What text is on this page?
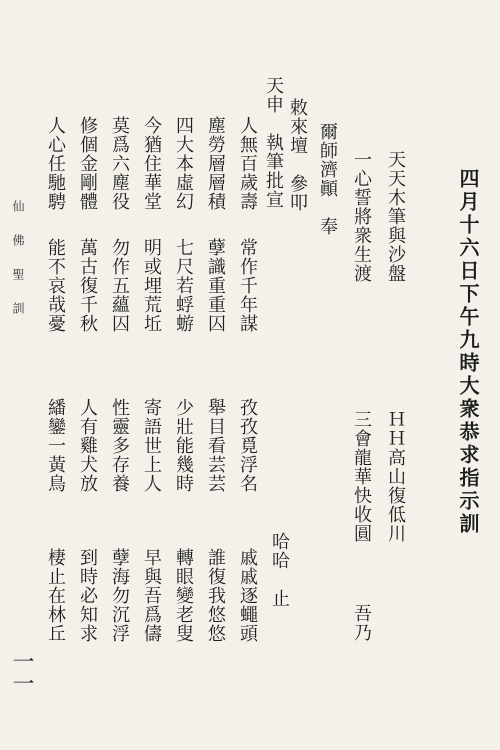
四月十六日下午九時大衆恭求指示訓
天天木筆與沙盤
一心誓將衆生渡
爾師濟顚　奉
敕來壇　參叩
天申　執筆批宣
ＨＨ高山復低川
三會龍華快收圓
吾乃
人無百歲壽
塵勞層層積
四大本虛幻
今猶住華堂
莫爲六塵役
修個金剛體
人心任馳騁
常作千年謀
孽識重重囚
七尺若蜉蝣
明或埋荒坵
勿作五蘊囚
萬古復千秋
能不哀哉憂
孜孜覓浮名
舉目看芸芸
少壯能幾時
寄語世上人
性靈多存養
人有雞犬放
繙鑾一黃鳥
哈哈　止
戚戚逐蠅頭
誰復我悠悠
轉眼變老叟
早與吾爲儔
孽海勿沉浮
到時必知求
棲止在林丘
仙佛聖訓
一一
